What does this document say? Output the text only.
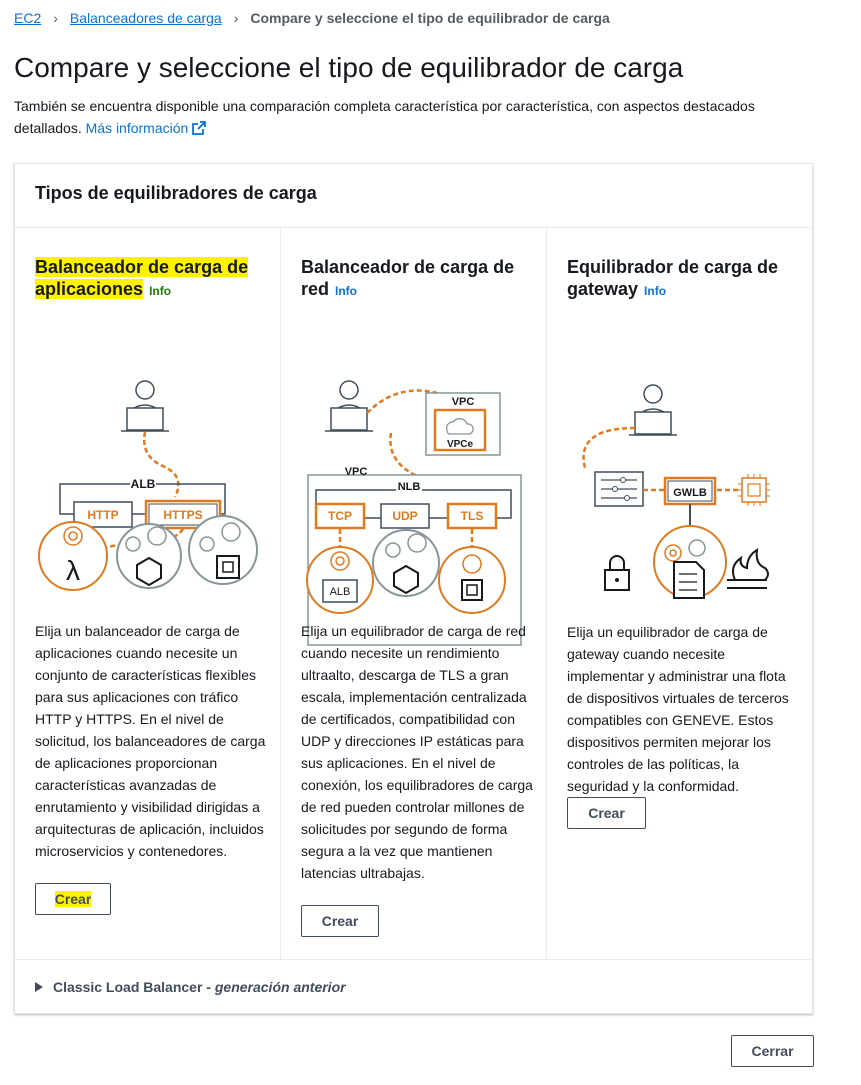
EC2 › Balanceadores de carga › Compare y seleccione el tipo de equilibrador de carga
Compare y seleccione el tipo de equilibrador de carga
También se encuentra disponible una comparación completa característica por característica, con aspectos destacados detallados. Más información
Tipos de equilibradores de carga
Balanceador de carga de
aplicaciones Info
ALB
HTTP	HTTPS
λ
Elija un balanceador de carga de aplicaciones cuando necesite un conjunto de características flexibles para sus aplicaciones con tráfico HTTP y HTTPS. En el nivel de solicitud, los balanceadores de carga de aplicaciones proporcionan características avanzadas de enrutamiento y visibilidad dirigidas a arquitecturas de aplicación, incluidos microservicios y contenedores.
Crear
Balanceador de carga de red Info
VPC
VPCe
VPC
NLB
TCP	UDP	TLS
ALB
Elija un equilibrador de carga de red cuando necesite un rendimiento ultraalto, descarga de TLS a gran escala, implementación centralizada de certificados, compatibilidad con UDP y direcciones IP estáticas para sus aplicaciones. En el nivel de conexión, los equilibradores de carga de red pueden controlar millones de solicitudes por segundo de forma segura a la vez que mantienen latencias ultrabajas.
Crear
Equilibrador de carga de gateway Info
GWLB
Elija un equilibrador de carga de gateway cuando necesite implementar y administrar una flota de dispositivos virtuales de terceros compatibles con GENEVE. Estos dispositivos permiten mejorar los controles de las políticas, la seguridad y la conformidad.
Crear
Classic Load Balancer - generación anterior
Cerrar
